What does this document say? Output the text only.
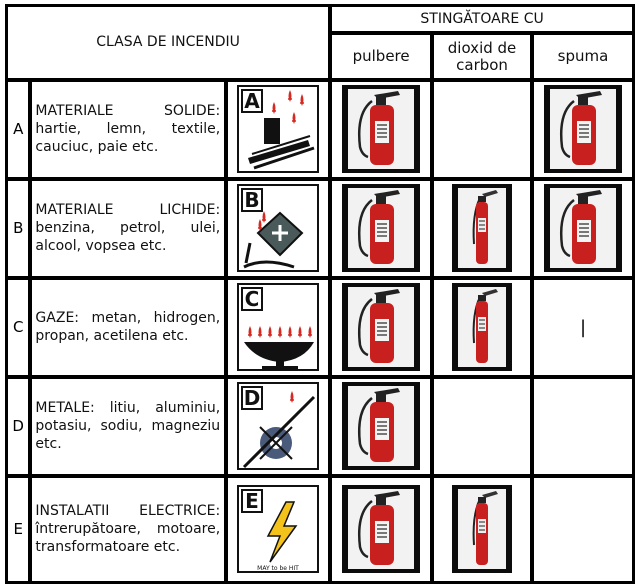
CLASA DE INCENDIU			STINGĂTOARE CU		
			pulbere	dioxid de carbon	spuma
A	MATERIALE SOLIDE: hartie, lemn, textile, cauciuc, paie etc.	A

B	MATERIALE LICHIDE: benzina, petrol, ulei, alcool, vopsea etc.	B

C	GAZE: metan, hidrogen, propan, acetilena etc.	C			|
D	METALE: litiu, aluminiu, potasiu, sodiu, magneziu etc.	D

E	INSTALATII ELECTRICE: întrerupătoare, motoare, transformatoare etc.	E
MAY to be HIT
